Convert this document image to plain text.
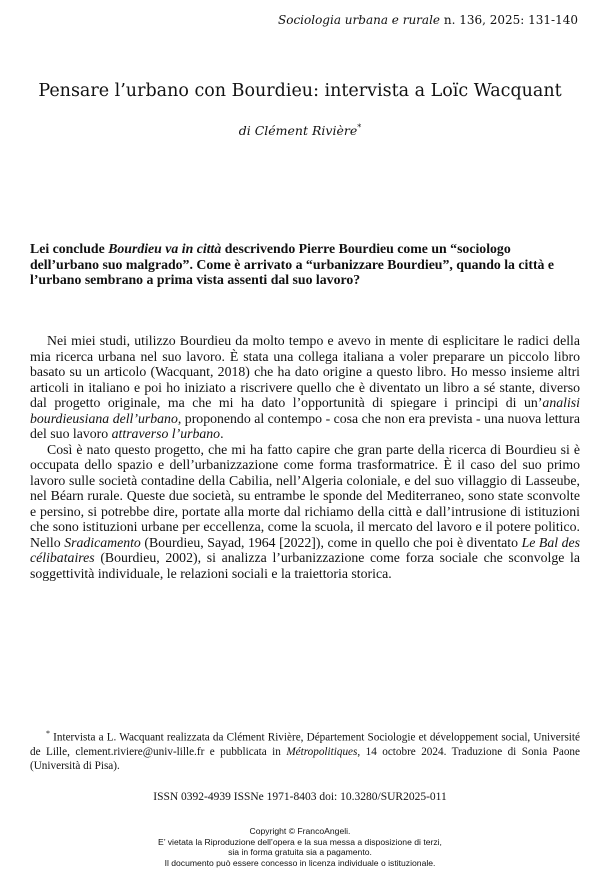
Sociologia urbana e rurale n. 136, 2025: 131-140
Pensare l’urbano con Bourdieu: intervista a Loïc Wacquant
di Clément Rivière*
Lei conclude Bourdieu va in città descrivendo Pierre Bourdieu come un “sociologo dell’urbano suo malgrado”. Come è arrivato a “urbanizzare Bourdieu”, quando la città e l’urbano sembrano a prima vista assenti dal suo lavoro?

Nei miei studi, utilizzo Bourdieu da molto tempo e avevo in mente di esplicitare le radici della mia ricerca urbana nel suo lavoro. È stata una collega italiana a voler preparare un piccolo libro basato su un articolo (Wacquant, 2018) che ha dato origine a questo libro. Ho messo insieme altri articoli in italiano e poi ho iniziato a riscrivere quello che è diventato un libro a sé stante, diverso dal progetto originale, ma che mi ha dato l’opportunità di spiegare i principi di un’analisi bourdieusiana dell’urbano, proponendo al contempo - cosa che non era prevista - una nuova lettura del suo lavoro attraverso l’urbano.

Così è nato questo progetto, che mi ha fatto capire che gran parte della ricerca di Bourdieu si è occupata dello spazio e dell’urbanizzazione come forma trasformatrice. È il caso del suo primo lavoro sulle società contadine della Cabilia, nell’Algeria coloniale, e del suo villaggio di Lasseube, nel Béarn rurale. Queste due società, su entrambe le sponde del Mediterraneo, sono state sconvolte e persino, si potrebbe dire, portate alla morte dal richiamo della città e dall’intrusione di istituzioni che sono istituzioni urbane per eccellenza, come la scuola, il mercato del lavoro e il potere politico. Nello Sradicamento (Bourdieu, Sayad, 1964 [2022]), come in quello che poi è diventato Le Bal des célibataires (Bourdieu, 2002), si analizza l’urbanizzazione come forza sociale che sconvolge la soggettività individuale, le relazioni sociali e la traiettoria storica.

* Intervista a L. Wacquant realizzata da Clément Rivière, Département Sociologie et développement social, Université de Lille, clement.riviere@univ-lille.fr e pubblicata in Métropolitiques, 14 octobre 2024. Traduzione di Sonia Paone (Università di Pisa).

ISSN 0392-4939 ISSNe 1971-8403 doi: 10.3280/SUR2025-011
Copyright © FrancoAngeli.
E’ vietata la Riproduzione dell’opera e la sua messa a disposizione di terzi,
sia in forma gratuita sia a pagamento.
Il documento può essere concesso in licenza individuale o istituzionale.
